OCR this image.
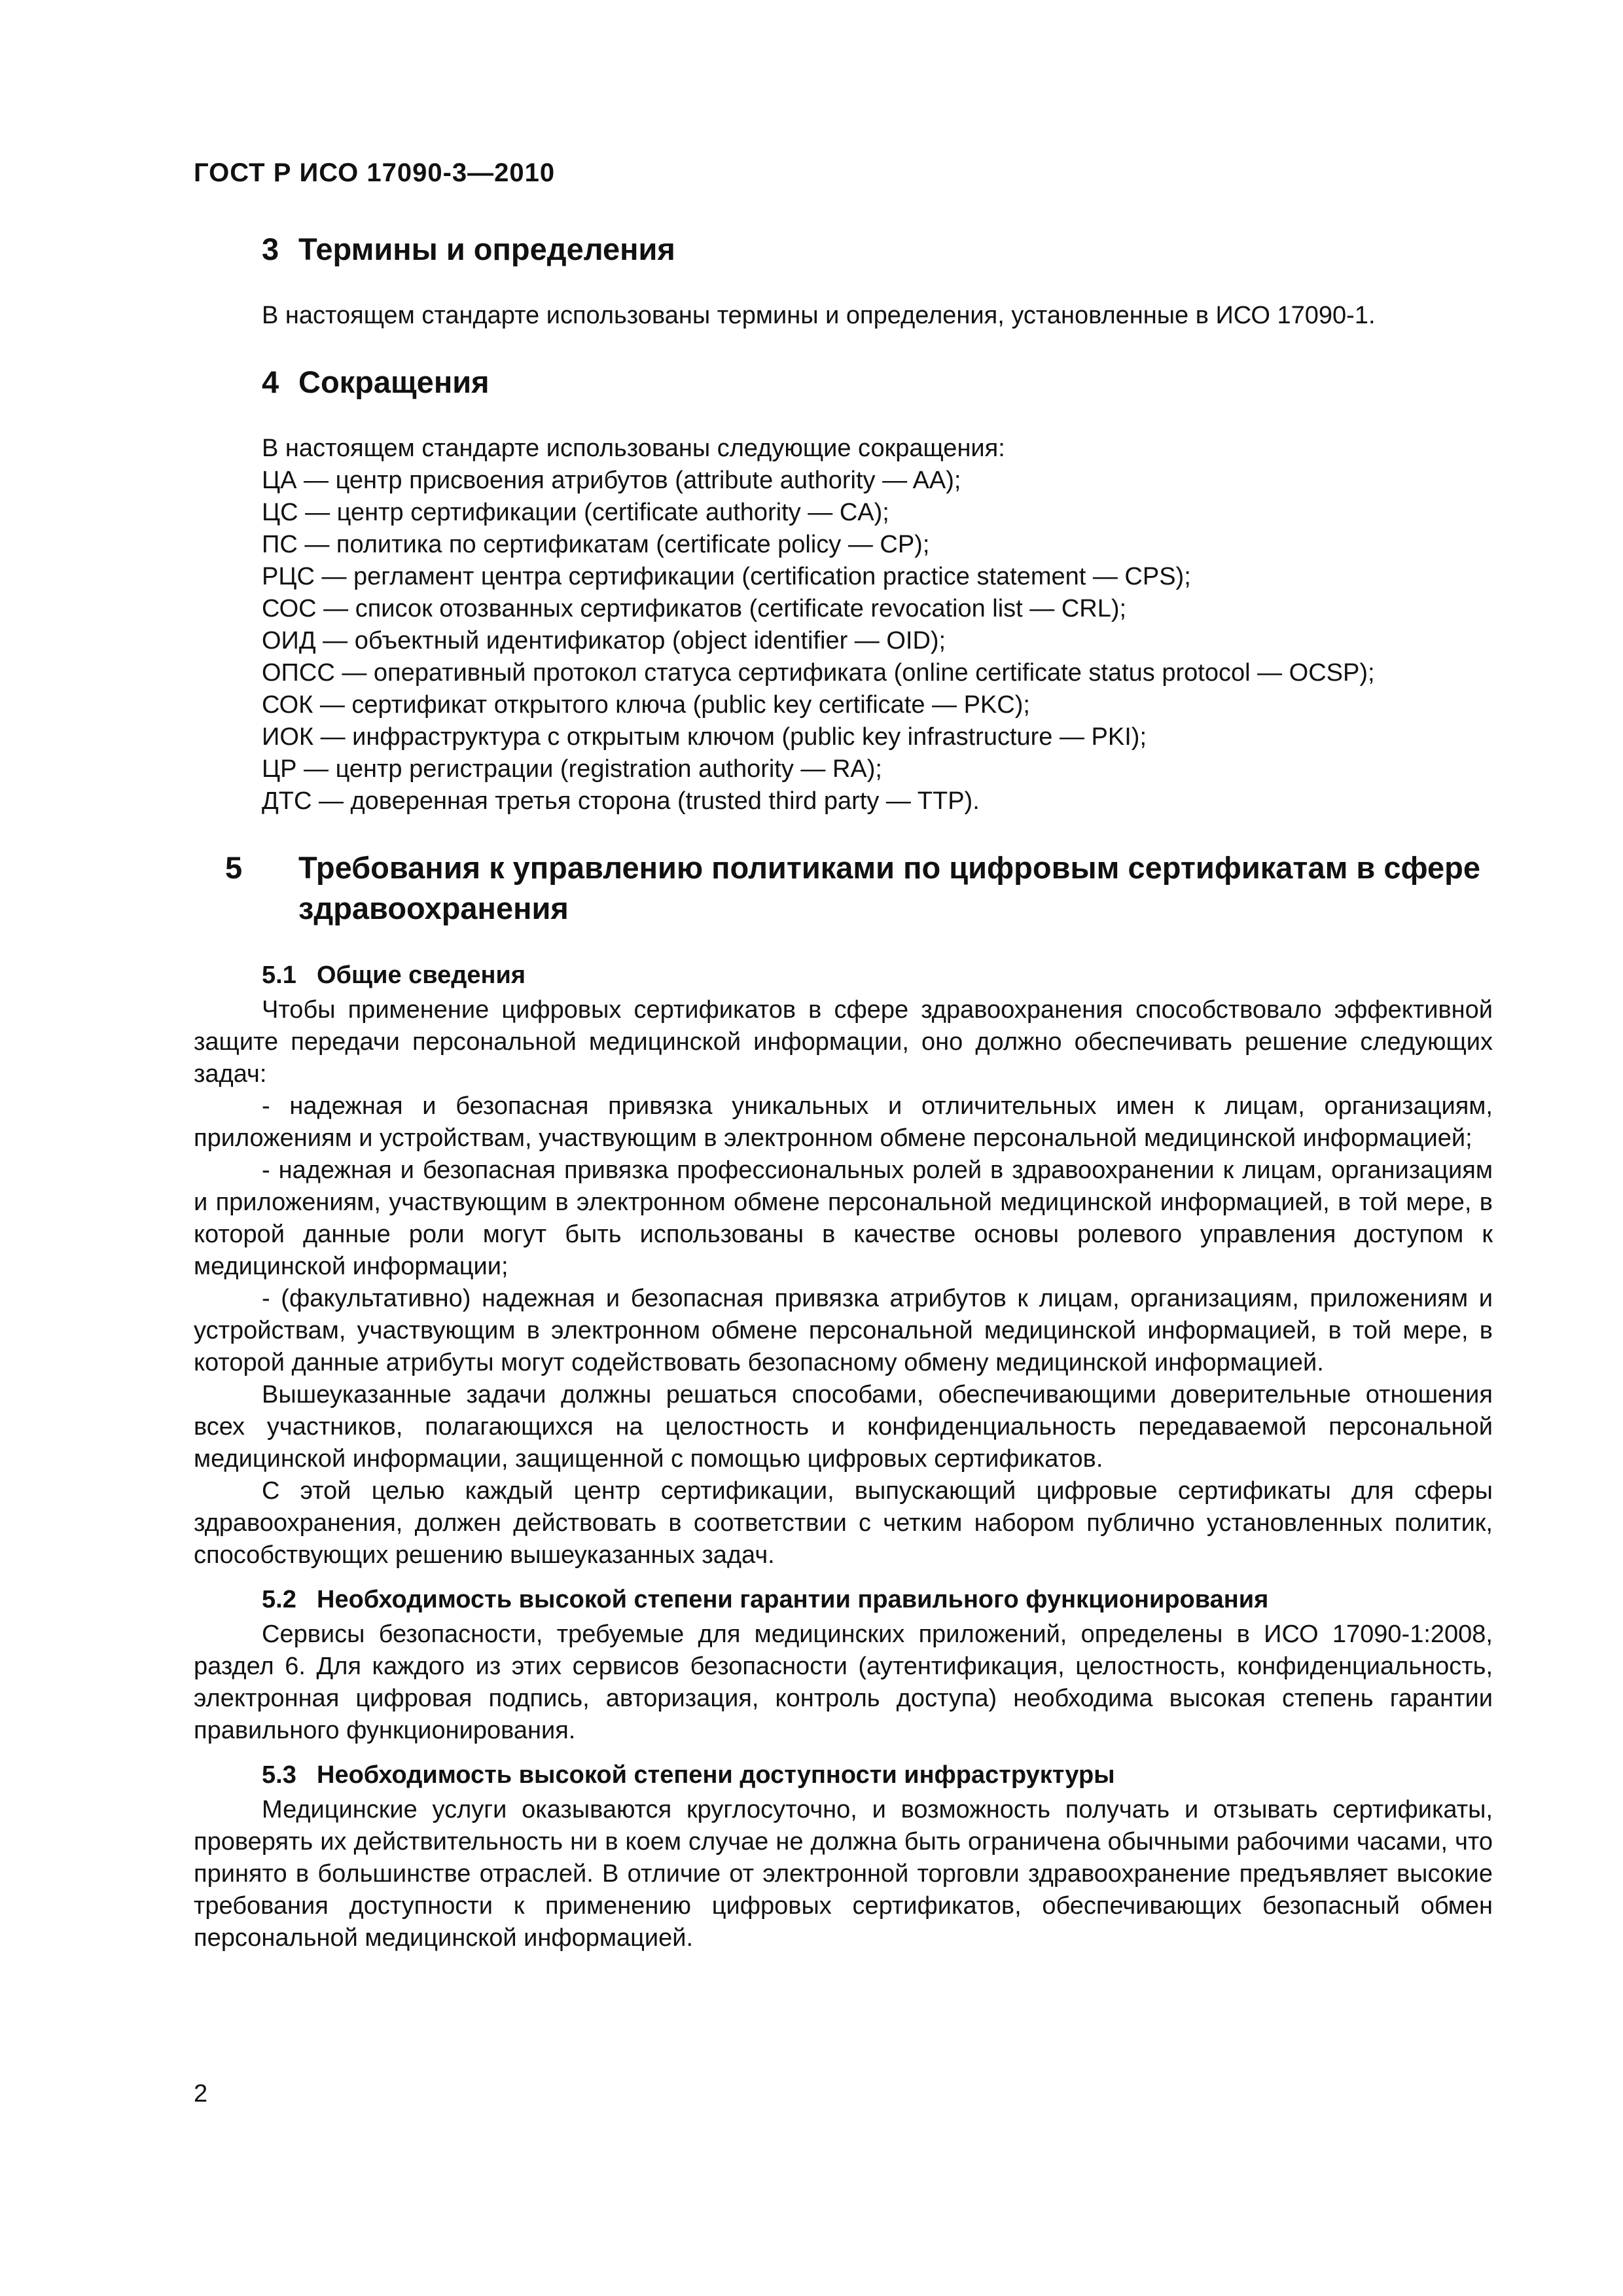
ГОСТ Р ИСО 17090-3—2010
3 Термины и определения

В настоящем стандарте использованы термины и определения, установленные в ИСО 17090-1.

4 Сокращения

В настоящем стандарте использованы следующие сокращения:

ЦА — центр присвоения атрибутов (attribute authority — AA);
ЦС — центр сертификации (certificate authority — CA);
ПС — политика по сертификатам (certificate policy — CP);
РЦС — регламент центра сертификации (certification practice statement — CPS);
СОС — список отозванных сертификатов (certificate revocation list — CRL);
ОИД — объектный идентификатор (object identifier — OID);
ОПСС — оперативный протокол статуса сертификата (online certificate status protocol — OCSP);
СОК — сертификат открытого ключа (public key certificate — PKC);
ИОК — инфраструктура с открытым ключом (public key infrastructure — PKI);
ЦР — центр регистрации (registration authority — RA);
ДТС — доверенная третья сторона (trusted third party — TTP).
5 Требования к управлению политиками по цифровым сертификатам в сфере здравоохранения
5.1 Общие сведения

Чтобы применение цифровых сертификатов в сфере здравоохранения способствовало эффективной защите передачи персональной медицинской информации, оно должно обеспечивать решение следующих задач:

- надежная и безопасная привязка уникальных и отличительных имен к лицам, организациям, приложениям и устройствам, участвующим в электронном обмене персональной медицинской информацией;

- надежная и безопасная привязка профессиональных ролей в здравоохранении к лицам, организациям и приложениям, участвующим в электронном обмене персональной медицинской информацией, в той мере, в которой данные роли могут быть использованы в качестве основы ролевого управления доступом к медицинской информации;

- (факультативно) надежная и безопасная привязка атрибутов к лицам, организациям, приложениям и устройствам, участвующим в электронном обмене персональной медицинской информацией, в той мере, в которой данные атрибуты могут содействовать безопасному обмену медицинской информацией.

Вышеуказанные задачи должны решаться способами, обеспечивающими доверительные отношения всех участников, полагающихся на целостность и конфиденциальность передаваемой персональной медицинской информации, защищенной с помощью цифровых сертификатов.

С этой целью каждый центр сертификации, выпускающий цифровые сертификаты для сферы здравоохранения, должен действовать в соответствии с четким набором публично установленных политик, способствующих решению вышеуказанных задач.

5.2 Необходимость высокой степени гарантии правильного функционирования

Сервисы безопасности, требуемые для медицинских приложений, определены в ИСО 17090-1:2008, раздел 6. Для каждого из этих сервисов безопасности (аутентификация, целостность, конфиденциальность, электронная цифровая подпись, авторизация, контроль доступа) необходима высокая степень гарантии правильного функционирования.

5.3 Необходимость высокой степени доступности инфраструктуры

Медицинские услуги оказываются круглосуточно, и возможность получать и отзывать сертификаты, проверять их действительность ни в коем случае не должна быть ограничена обычными рабочими часами, что принято в большинстве отраслей. В отличие от электронной торговли здравоохранение предъявляет высокие требования доступности к применению цифровых сертификатов, обеспечивающих безопасный обмен персональной медицинской информацией.

2
